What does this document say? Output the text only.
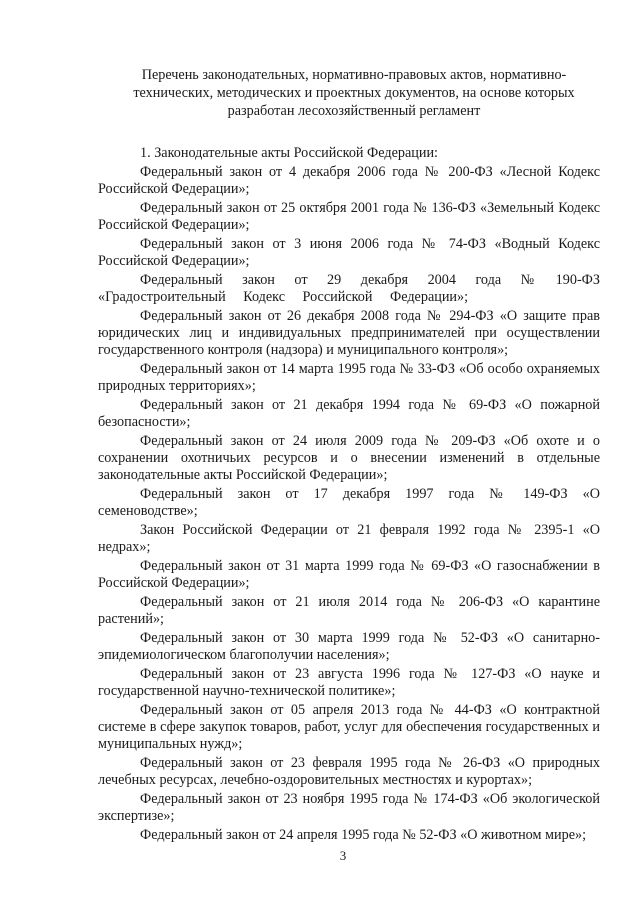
Перечень законодательных, нормативно-правовых актов, нормативно-
технических, методических и проектных документов, на основе которых
разработан лесохозяйственный регламент

1. Законодательные акты Российской Федерации:

Федеральный закон от 4 декабря 2006 года № 200-ФЗ «Лесной Кодекс Российской Федерации»;

Федеральный закон от 25 октября 2001 года № 136-ФЗ «Земельный Кодекс Российской Федерации»;

Федеральный закон от 3 июня 2006 года № 74-ФЗ «Водный Кодекс Российской Федерации»;

Федеральный закон от 29 декабря 2004 года № 190-ФЗ «Градостроительный Кодекс Российской Федерации»;

Федеральный закон от 26 декабря 2008 года № 294-ФЗ «О защите прав юридических лиц и индивидуальных предпринимателей при осуществлении государственного контроля (надзора) и муниципального контроля»;

Федеральный закон от 14 марта 1995 года № 33-ФЗ «Об особо охраняемых природных территориях»;

Федеральный закон от 21 декабря 1994 года № 69-ФЗ «О пожарной безопасности»;

Федеральный закон от 24 июля 2009 года № 209-ФЗ «Об охоте и о сохранении охотничьих ресурсов и о внесении изменений в отдельные законодательные акты Российской Федерации»;

Федеральный закон от 17 декабря 1997 года № 149-ФЗ «О семеноводстве»;

Закон Российской Федерации от 21 февраля 1992 года № 2395-1 «О недрах»;

Федеральный закон от 31 марта 1999 года № 69-ФЗ «О газоснабжении в Российской Федерации»;

Федеральный закон от 21 июля 2014 года № 206-ФЗ «О карантине растений»;

Федеральный закон от 30 марта 1999 года № 52-ФЗ «О санитарно-эпидемиологическом благополучии населения»;

Федеральный закон от 23 августа 1996 года № 127-ФЗ «О науке и государственной научно-технической политике»;

Федеральный закон от 05 апреля 2013 года № 44-ФЗ «О контрактной системе в сфере закупок товаров, работ, услуг для обеспечения государственных и муниципальных нужд»;

Федеральный закон от 23 февраля 1995 года № 26-ФЗ «О природных лечебных ресурсах, лечебно-оздоровительных местностях и курортах»;

Федеральный закон от 23 ноября 1995 года № 174-ФЗ «Об экологической экспертизе»;

Федеральный закон от 24 апреля 1995 года № 52-ФЗ «О животном мире»;

3
